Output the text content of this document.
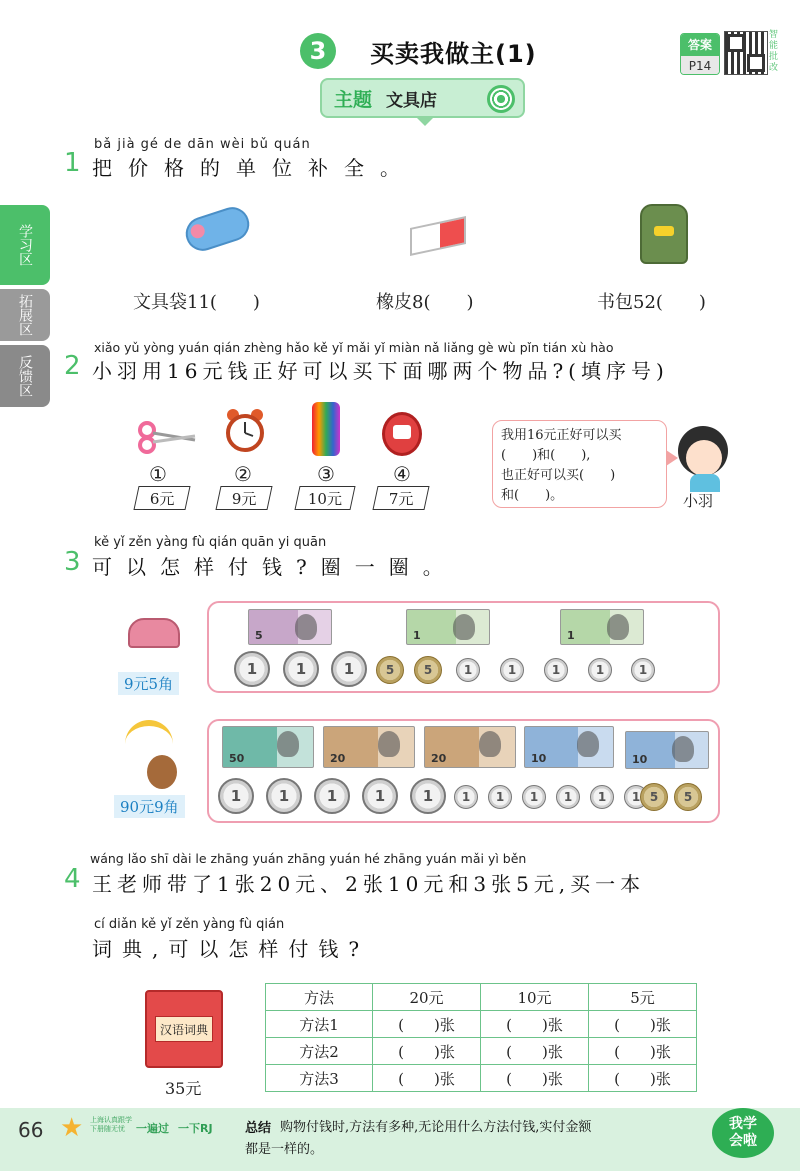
3	买卖我做主(1)
主题 文具店
答案
P14
智能批改
学习区
拓展区
反馈区
bǎ jià gé de dān wèi bǔ quán
1 把价格的单位补全。
文具袋11(　　)	橡皮8(　　)	书包52(　　)
xiǎo yǔ yòng yuán qián zhèng hǎo kě yǐ mǎi yǐ miàn nǎ liǎng gè wù pǐn tián xù hào
2 小羽用16元钱正好可以买下面哪两个物品?(填序号)
①	②	③	④
6元	9元	10元	7元
我用16元正好可以买
(　　)和(　　),
也正好可以买(　　)
和(　　)。	小羽
kě yǐ zěn yàng fù qián quān yi quān
3 可以怎样付钱?圈一圈。
9元5角
5	1	1
1	1	1	5	5	1	1	1	1	1
90元9角
50	20	20	10	10
1	1	1	1	1	1	1	1	1	1	1 5	5
wáng lǎo shī dài le zhāng yuán zhāng yuán hé zhāng yuán mǎi yì běn
4 王老师带了1张20元、2张10元和3张5元,买一本
cí diǎn kě yǐ zěn yàng fù qián
词典,可以怎样付钱?
汉语词典
35元
方法	20元	10元	5元
方法1	(　　)张	(　　)张	(　　)张
方法2	(　　)张	(　　)张	(　　)张
方法3	(　　)张	(　　)张	(　　)张
66 ★ 上海认真跟学下册随无忧	一遍过 一下RJ 总结 购物付钱时,方法有多种,无论用什么方法付钱,实付金额
都是一样的。
我学
会啦
